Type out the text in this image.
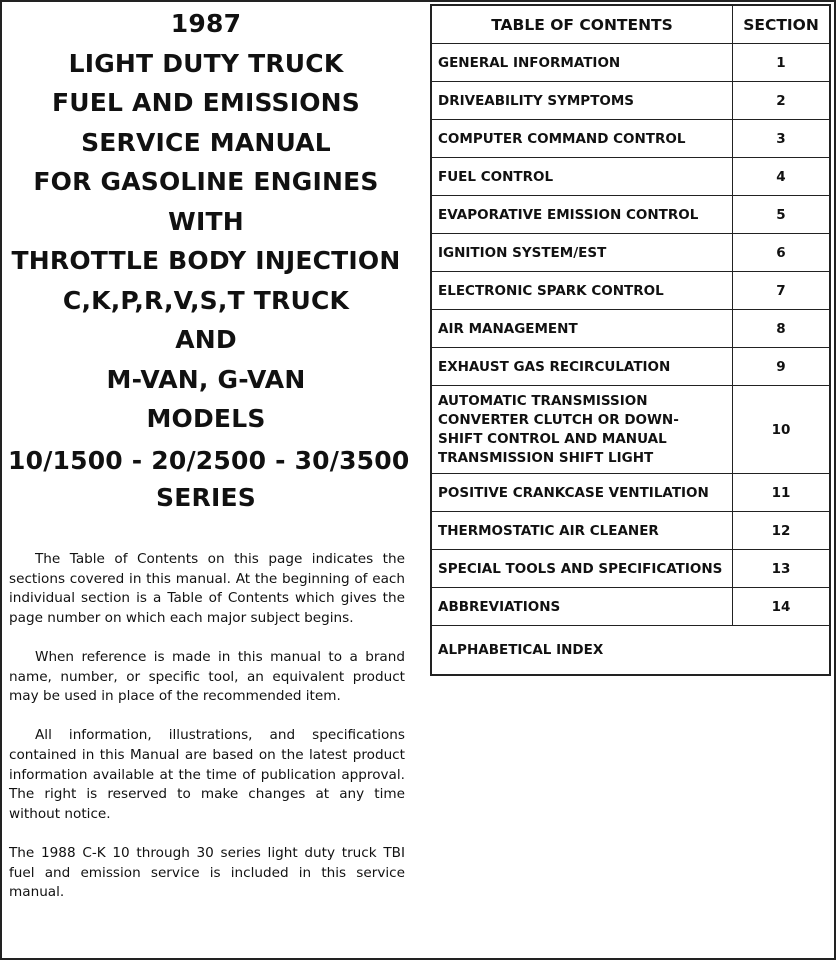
1987
LIGHT DUTY TRUCK
FUEL AND EMISSIONS
SERVICE MANUAL
FOR GASOLINE ENGINES
WITH
THROTTLE BODY INJECTION
C,K,P,R,V,S,T TRUCK
AND
M-VAN, G-VAN
MODELS
10/1500 - 20/2500 - 30/3500
SERIES

The Table of Contents on this page indicates the sections covered in this manual. At the beginning of each individual section is a Table of Contents which gives the page number on which each major subject begins.

When reference is made in this manual to a brand name, number, or specific tool, an equivalent product may be used in place of the recommended item.

All information, illustrations, and specifications contained in this Manual are based on the latest product information available at the time of publication approval. The right is reserved to make changes at any time without notice.

The 1988 C-K 10 through 30 series light duty truck TBI fuel and emission service is included in this service manual.

TABLE OF CONTENTS	SECTION
GENERAL INFORMATION	1
DRIVEABILITY SYMPTOMS	2
COMPUTER COMMAND CONTROL	3
FUEL CONTROL	4
EVAPORATIVE EMISSION CONTROL	5
IGNITION SYSTEM/EST	6
ELECTRONIC SPARK CONTROL	7
AIR MANAGEMENT	8
EXHAUST GAS RECIRCULATION	9

AUTOMATIC TRANSMISSION
CONVERTER CLUTCH OR DOWN-
SHIFT CONTROL AND MANUAL
TRANSMISSION SHIFT LIGHT	10
POSITIVE CRANKCASE VENTILATION	11
THERMOSTATIC AIR CLEANER	12
SPECIAL TOOLS AND SPECIFICATIONS	13
ABBREVIATIONS	14
ALPHABETICAL INDEX	
